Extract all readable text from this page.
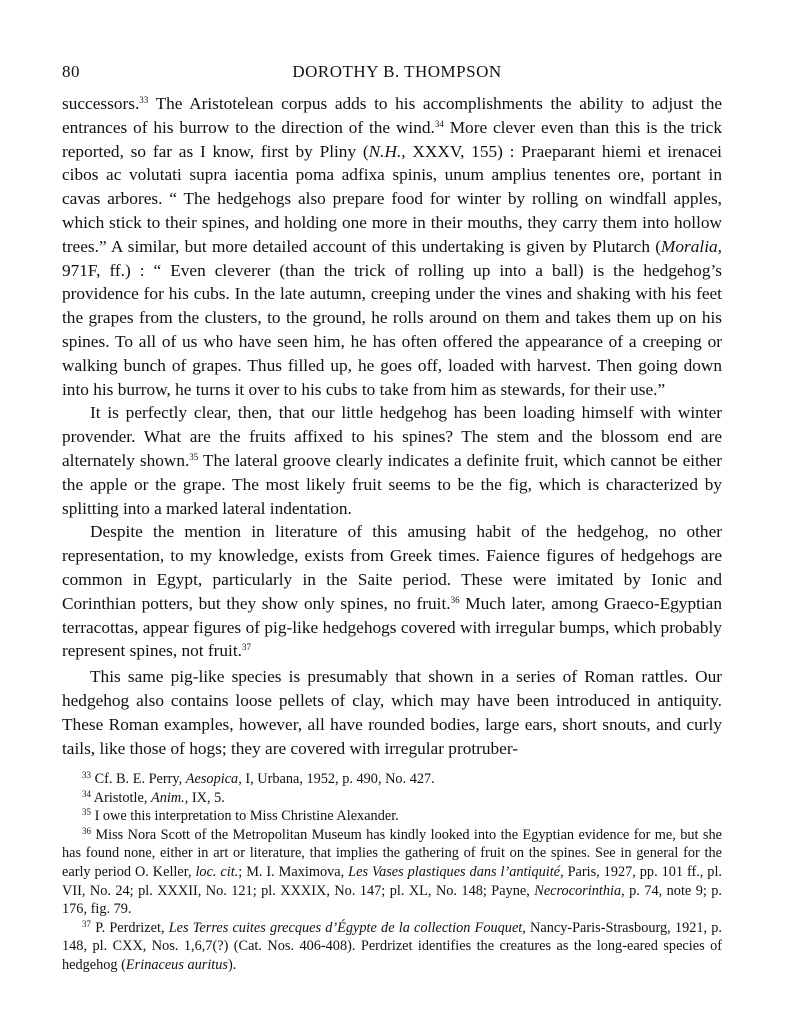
80	DOROTHY B. THOMPSON

successors.$^{33}$ The Aristotelean corpus adds to his accomplishments the ability to adjust the entrances of his burrow to the direction of the wind.$^{34}$ More clever even than this is the trick reported, so far as I know, first by Pliny (N.H., XXXV, 155) : Praeparant hiemi et irenacei cibos ac volutati supra iacentia poma adfixa spinis, unum amplius tenentes ore, portant in cavas arbores. “ The hedgehogs also prepare food for winter by rolling on windfall apples, which stick to their spines, and holding one more in their mouths, they carry them into hollow trees.” A similar, but more detailed account of this undertaking is given by Plutarch (Moralia, 971F, ff.) : “ Even cleverer (than the trick of rolling up into a ball) is the hedgehog’s providence for his cubs. In the late autumn, creeping under the vines and shaking with his feet the grapes from the clusters, to the ground, he rolls around on them and takes them up on his spines. To all of us who have seen him, he has often offered the appearance of a creeping or walking bunch of grapes. Thus filled up, he goes off, loaded with harvest. Then going down into his burrow, he turns it over to his cubs to take from him as stewards, for their use.”

It is perfectly clear, then, that our little hedgehog has been loading himself with winter provender. What are the fruits affixed to his spines? The stem and the blossom end are alternately shown.$^{35}$ The lateral groove clearly indicates a definite fruit, which cannot be either the apple or the grape. The most likely fruit seems to be the fig, which is characterized by splitting into a marked lateral indentation.

Despite the mention in literature of this amusing habit of the hedgehog, no other representation, to my knowledge, exists from Greek times. Faience figures of hedgehogs are common in Egypt, particularly in the Saite period. These were imitated by Ionic and Corinthian potters, but they show only spines, no fruit.$^{36}$ Much later, among Graeco-Egyptian terracottas, appear figures of pig-like hedgehogs covered with irregular bumps, which probably represent spines, not fruit.$^{37}$

This same pig-like species is presumably that shown in a series of Roman rattles. Our hedgehog also contains loose pellets of clay, which may have been introduced in antiquity. These Roman examples, however, all have rounded bodies, large ears, short snouts, and curly tails, like those of hogs; they are covered with irregular protruber-

$^{33}$ Cf. B. E. Perry, Aesopica, I, Urbana, 1952, p. 490, No. 427.

$^{34}$ Aristotle, Anim., IX, 5.

$^{35}$ I owe this interpretation to Miss Christine Alexander.

$^{36}$ Miss Nora Scott of the Metropolitan Museum has kindly looked into the Egyptian evidence for me, but she has found none, either in art or literature, that implies the gathering of fruit on the spines. See in general for the early period O. Keller, loc. cit.; M. I. Maximova, Les Vases plastiques dans l’antiquité, Paris, 1927, pp. 101 ff., pl. VII, No. 24; pl. XXXII, No. 121; pl. XXXIX, No. 147; pl. XL, No. 148; Payne, Necrocorinthia, p. 74, note 9; p. 176, fig. 79.

$^{37}$ P. Perdrizet, Les Terres cuites grecques d’Égypte de la collection Fouquet, Nancy-Paris-Strasbourg, 1921, p. 148, pl. CXX, Nos. 1,6,7(?) (Cat. Nos. 406-408). Perdrizet identifies the creatures as the long-eared species of hedgehog (Erinaceus auritus).
